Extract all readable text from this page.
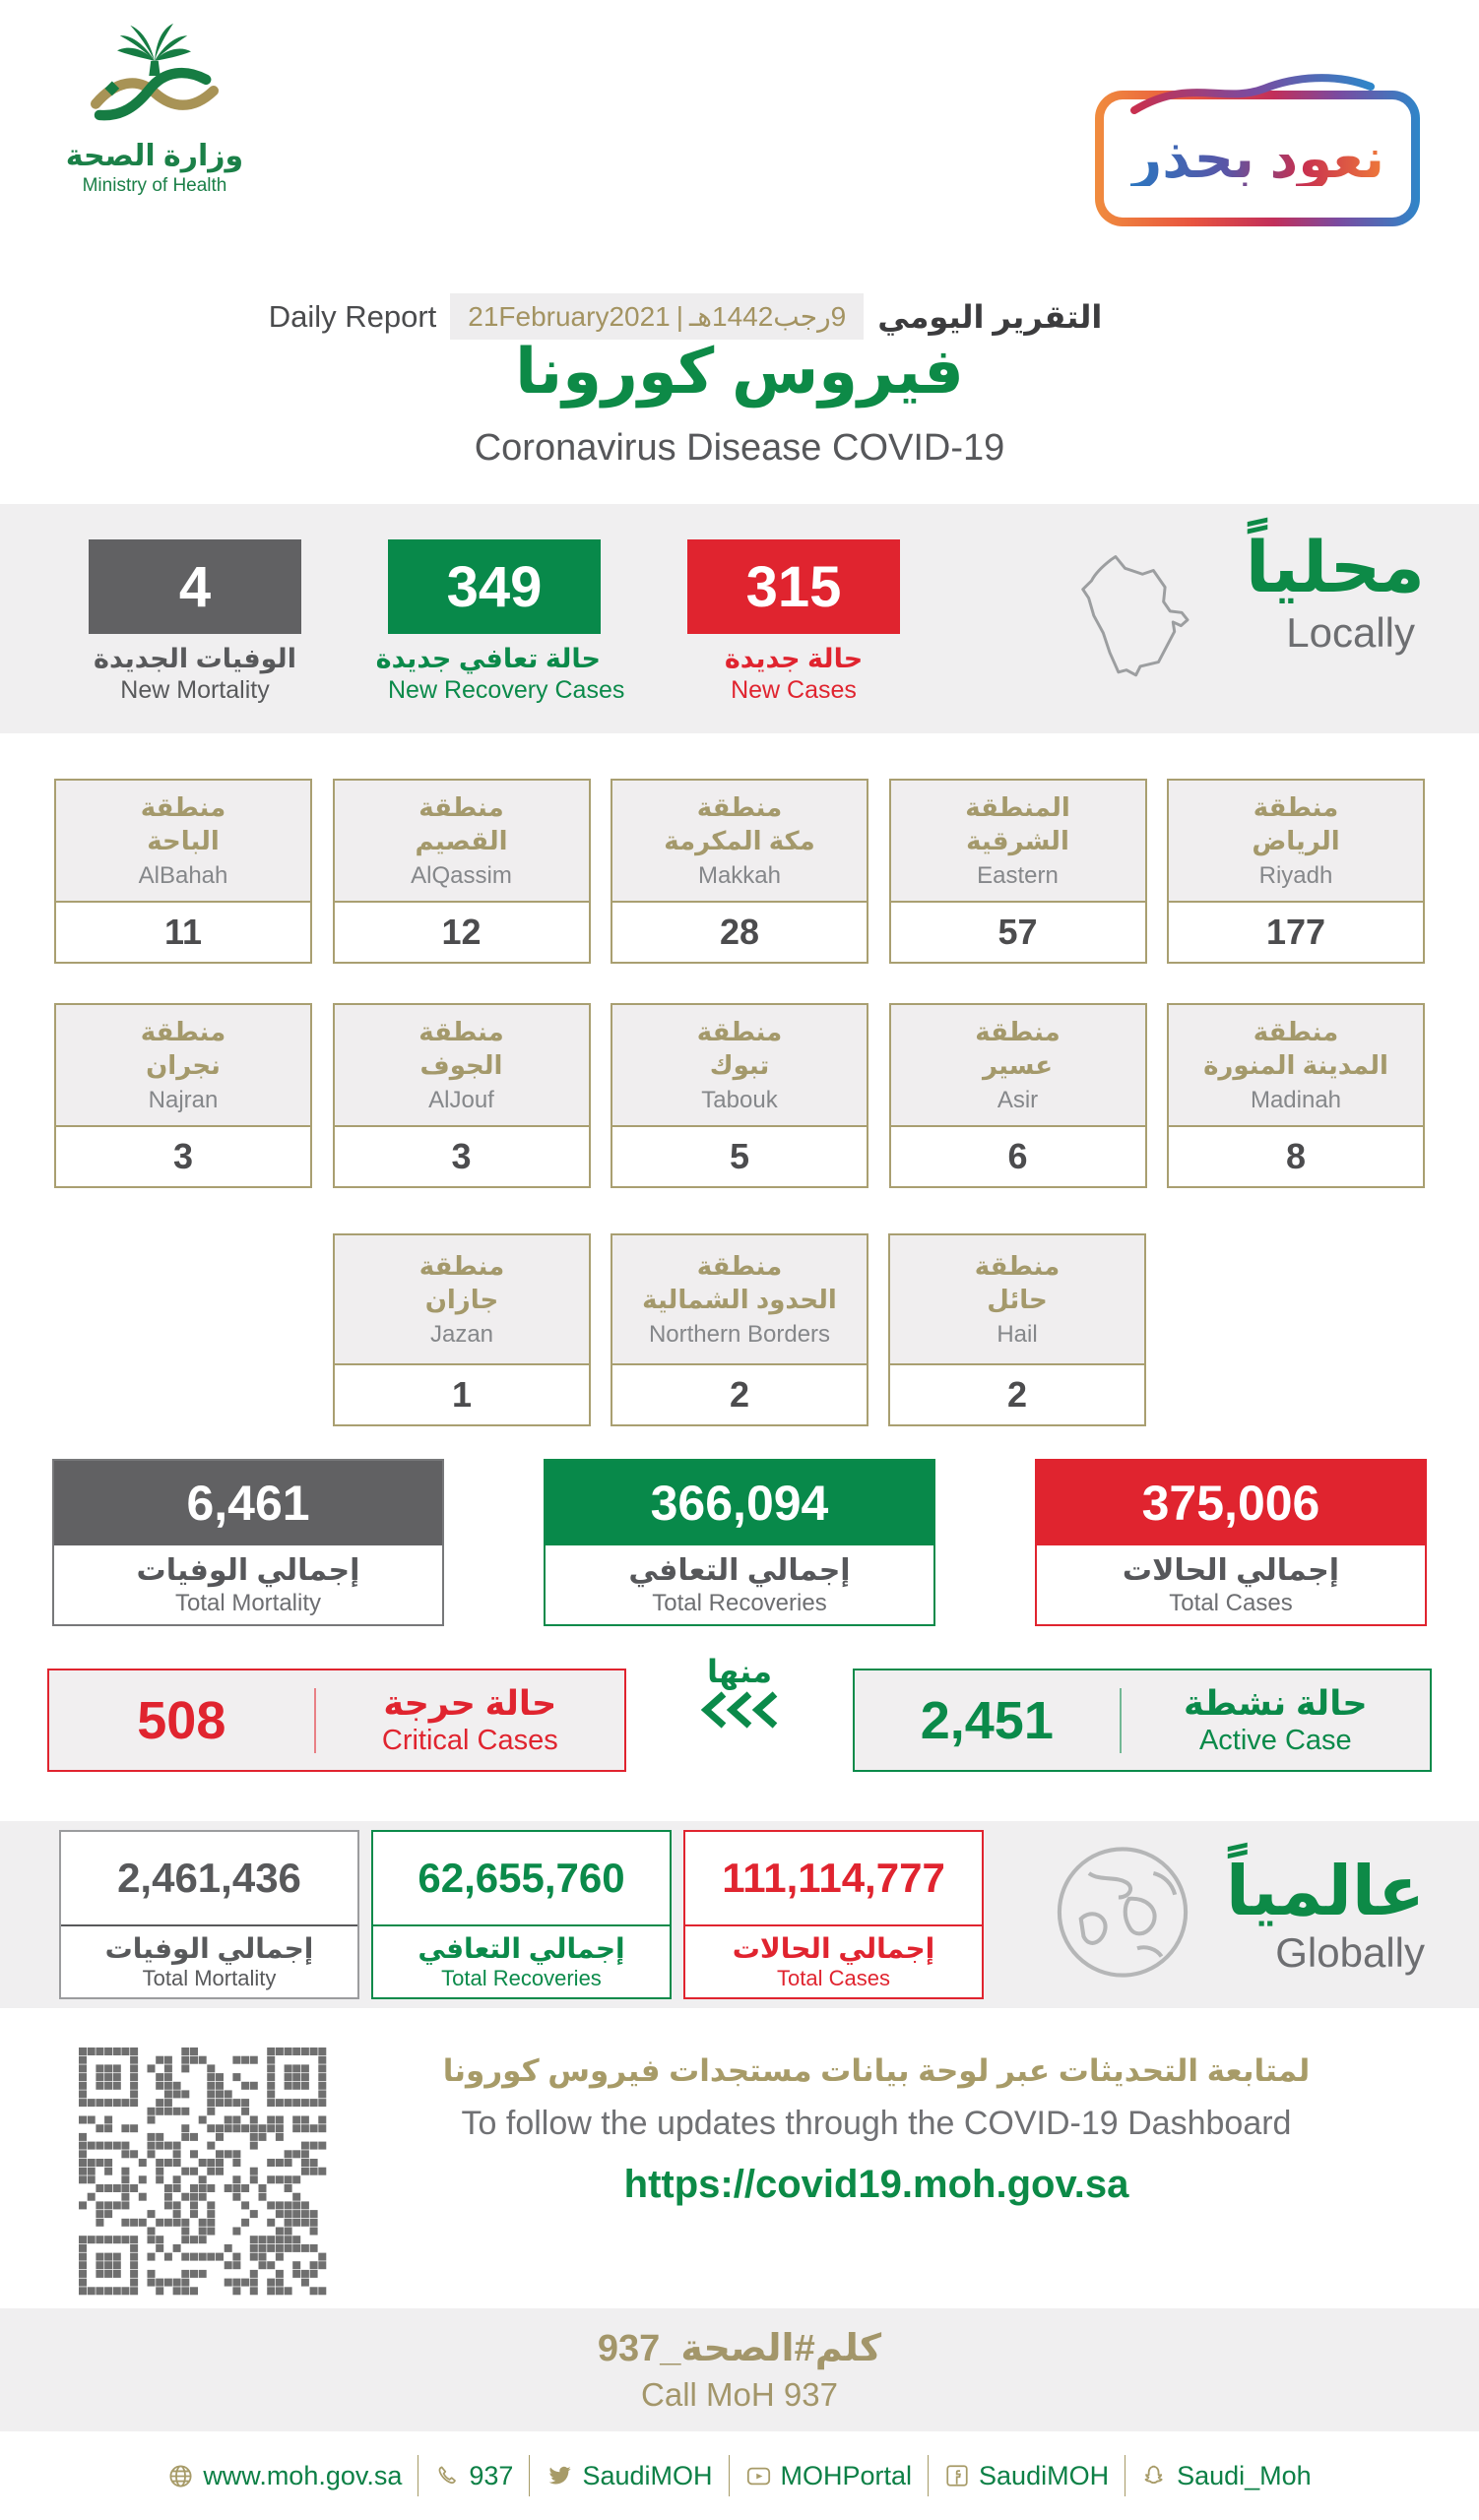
وزارة الصحة
Ministry of Health	نعود بحذر
Daily Report 21February2021 | 9رجب1442هـ التقرير اليومي
فيروس كورونا
Coronavirus Disease COVID-19
4
الوفيات الجديدة
New Mortality
349
حالة تعافي جديدة
New Recovery Cases
315
حالة جديدة
New Cases
محلياً
Locally
منطقة
الباحة
AlBahah
11
منطقة
القصيم
AlQassim
12
منطقة
مكة المكرمة
Makkah
28
المنطقة
الشرقية
Eastern
57
منطقة
الرياض
Riyadh
177
منطقة
نجران
Najran
3
منطقة
الجوف
AlJouf
3
منطقة
تبوك
Tabouk
5
منطقة
عسير
Asir
6
منطقة
المدينة المنورة
Madinah
8
منطقة
جازان
Jazan
1
منطقة
الحدود الشمالية
Northern Borders
2
منطقة
حائل
Hail
2
6,461
إجمالي الوفيات
Total Mortality
366,094
إجمالي التعافي
Total Recoveries
375,006
إجمالي الحالات
Total Cases
508	حالة حرجة
Critical Cases
منها
2,451	حالة نشطة
Active Case
2,461,436
إجمالي الوفيات
Total Mortality
62,655,760
إجمالي التعافي
Total Recoveries
111,114,777
إجمالي الحالات
Total Cases
عالمياً
Globally
لمتابعة التحديثات عبر لوحة بيانات مستجدات فيروس كورونا
To follow the updates through the COVID-19 Dashboard
https://covid19.moh.gov.sa
كلم#الصحة_937
Call MoH 937
www.moh.gov.sa	937	SaudiMOH	MOHPortal	SaudiMOH	Saudi_Moh
